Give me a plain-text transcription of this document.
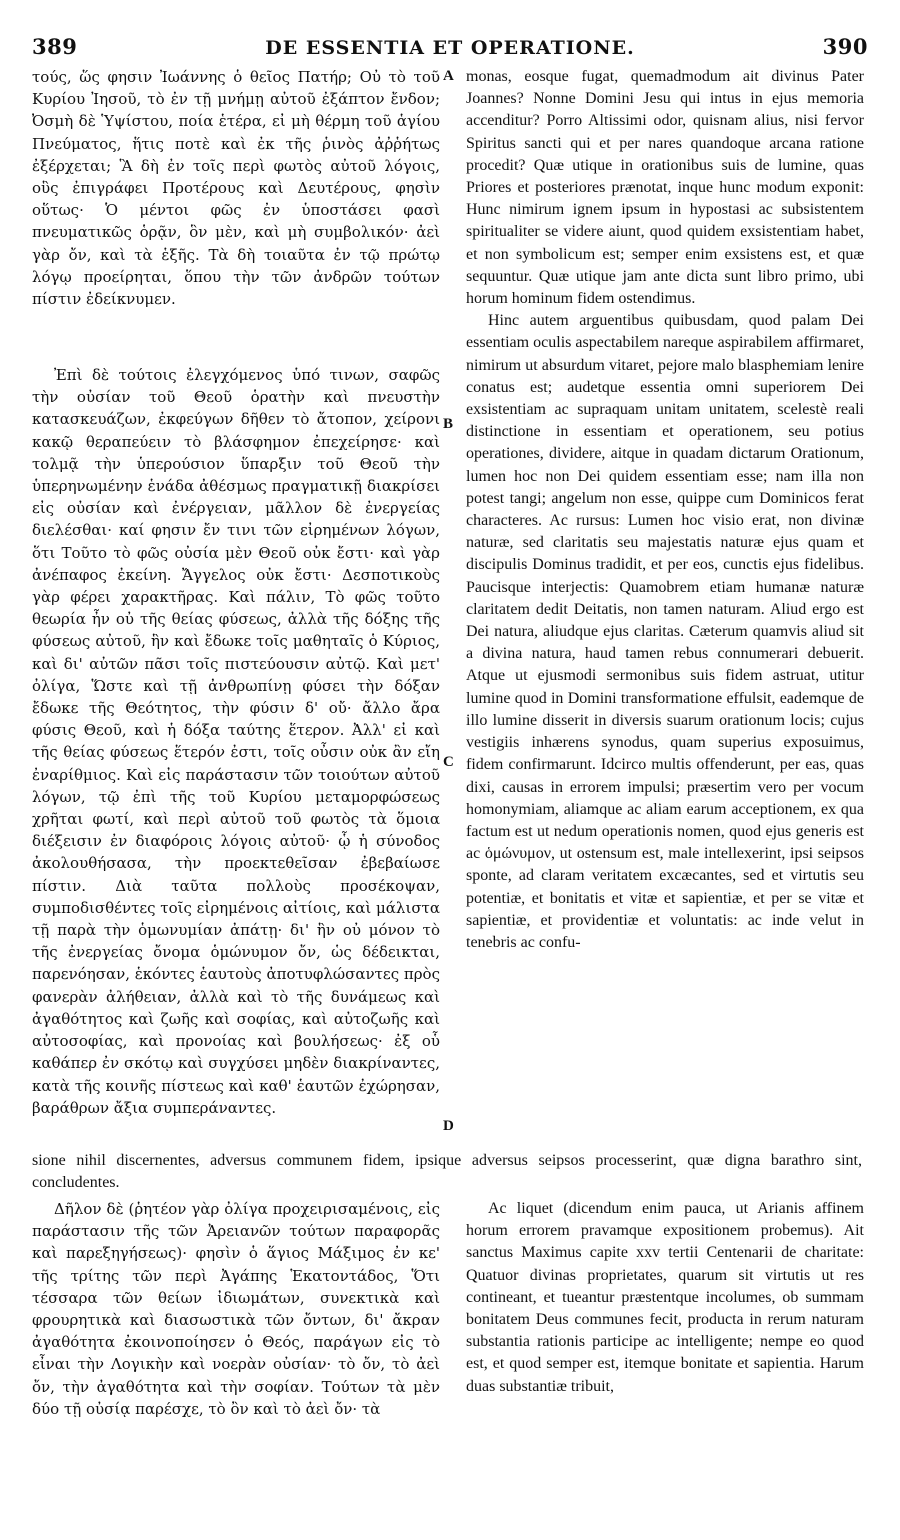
389	DE ESSENTIA ET OPERATIONE.	390

τούς, ὥς φησιν Ἰωάννης ὁ θεῖος Πατήρ; Οὐ τὸ τοῦ Κυρίου Ἰησοῦ, τὸ ἐν τῇ μνήμῃ αὐτοῦ ἐξάπτον ἔνδον; Ὀσμὴ δὲ Ὑψίστου, ποία ἑτέρα, εἰ μὴ θέρμη τοῦ ἁγίου Πνεύματος, ἥτις ποτὲ καὶ ἐκ τῆς ῥινὸς ἀῤῥήτως ἐξέρχεται; Ἃ δὴ ἐν τοῖς περὶ φωτὸς αὐτοῦ λόγοις, οὓς ἐπιγράφει Προτέρους καὶ Δευτέρους, φησὶν οὕτως· Ὁ μέντοι φῶς ἐν ὑποστάσει φασὶ πνευματικῶς ὁρᾷν, ὃν μὲν, καὶ μὴ συμβολικόν· ἀεὶ γὰρ ὄν, καὶ τὰ ἑξῆς. Τὰ δὴ τοιαῦτα ἐν τῷ πρώτῳ λόγῳ προείρηται, ὅπου τὴν τῶν ἀνδρῶν τούτων πίστιν ἐδείκνυμεν.

Ἐπὶ δὲ τούτοις ἐλεγχόμενος ὑπό τινων, σαφῶς τὴν οὐσίαν τοῦ Θεοῦ ὁρατὴν καὶ πνευστὴν κατασκευάζων, ἐκφεύγων δῆθεν τὸ ἄτοπον, χείρονι κακῷ θεραπεύειν τὸ βλάσφημον ἐπεχείρησε· καὶ τολμᾷ τὴν ὑπερούσιον ὕπαρξιν τοῦ Θεοῦ τὴν ὑπερηνωμένην ἑνάδα ἀθέσμως πραγματικῇ διακρίσει εἰς οὐσίαν καὶ ἐνέργειαν, μᾶλλον δὲ ἐνεργείας διελέσθαι· καί φησιν ἔν τινι τῶν εἰρημένων λόγων, ὅτι Τοῦτο τὸ φῶς οὐσία μὲν Θεοῦ οὐκ ἔστι· καὶ γὰρ ἀνέπαφος ἐκείνη. Ἄγγελος οὐκ ἔστι· Δεσποτικοὺς γὰρ φέρει χαρακτῆρας. Καὶ πάλιν, Τὸ φῶς τοῦτο θεωρία ἦν οὐ τῆς θείας φύσεως, ἀλλὰ τῆς δόξης τῆς φύσεως αὐτοῦ, ἣν καὶ ἔδωκε τοῖς μαθηταῖς ὁ Κύριος, καὶ δι' αὐτῶν πᾶσι τοῖς πιστεύουσιν αὐτῷ. Καὶ μετ' ὀλίγα, Ὥστε καὶ τῇ ἀνθρωπίνῃ φύσει τὴν δόξαν ἔδωκε τῆς Θεότητος, τὴν φύσιν δ' οὔ· ἄλλο ἄρα φύσις Θεοῦ, καὶ ἡ δόξα ταύτης ἕτερον. Ἀλλ' εἰ καὶ τῆς θείας φύσεως ἕτερόν ἐστι, τοῖς οὖσιν οὐκ ἂν εἴη ἐναρίθμιος. Καὶ εἰς παράστασιν τῶν τοιούτων αὐτοῦ λόγων, τῷ ἐπὶ τῆς τοῦ Κυρίου μεταμορφώσεως χρῆται φωτί, καὶ περὶ αὐτοῦ τοῦ φωτὸς τὰ ὅμοια διέξεισιν ἐν διαφόροις λόγοις αὐτοῦ· ᾧ ἡ σύνοδος ἀκολουθήσασα, τὴν προεκτεθεῖσαν ἐβεβαίωσε πίστιν. Διὰ ταῦτα πολλοὺς προσέκοψαν, συμποδισθέντες τοῖς εἰρημένοις αἰτίοις, καὶ μάλιστα τῇ παρὰ τὴν ὁμωνυμίαν ἀπάτῃ· δι' ἣν οὐ μόνον τὸ τῆς ἐνεργείας ὄνομα ὁμώνυμον ὄν, ὡς δέδεικται, παρενόησαν, ἑκόντες ἑαυτοὺς ἀποτυφλώσαντες πρὸς φανερὰν ἀλήθειαν, ἀλλὰ καὶ τὸ τῆς δυνάμεως καὶ ἀγαθότητος καὶ ζωῆς καὶ σοφίας, καὶ αὐτοζωῆς καὶ αὐτοσοφίας, καὶ προνοίας καὶ βουλήσεως· ἐξ οὗ καθάπερ ἐν σκότῳ καὶ συγχύσει μηδὲν διακρίναντες, κατὰ τῆς κοινῆς πίστεως καὶ καθ' ἑαυτῶν ἐχώρησαν, βαράθρων ἄξια συμπεράναντες.

monas, eosque fugat, quemadmodum ait divinus Pater Joannes? Nonne Domini Jesu qui intus in ejus memoria accenditur? Porro Altissimi odor, quisnam alius, nisi fervor Spiritus sancti qui et per nares quandoque arcana ratione procedit? Quæ utique in orationibus suis de lumine, quas Priores et posteriores prænotat, inque hunc modum exponit: Hunc nimirum ignem ipsum in hypostasi ac subsistentem spiritualiter se videre aiunt, quod quidem exsistentiam habet, et non symbolicum est; semper enim exsistens est, et quæ sequuntur. Quæ utique jam ante dicta sunt libro primo, ubi horum hominum fidem ostendimus.

Hinc autem arguentibus quibusdam, quod palam Dei essentiam oculis aspectabilem nareque aspirabilem affirmaret, nimirum ut absurdum vitaret, pejore malo blasphemiam lenire conatus est; audetque essentia omni superiorem Dei exsistentiam ac supraquam unitam unitatem, scelestè reali distinctione in essentiam et operationem, seu potius operationes, dividere, aitque in quadam dictarum Orationum, lumen hoc non Dei quidem essentiam esse; nam illa non potest tangi; angelum non esse, quippe cum Dominicos ferat characteres. Ac rursus: Lumen hoc visio erat, non divinæ naturæ, sed claritatis seu majestatis naturæ ejus quam et discipulis Dominus tradidit, et per eos, cunctis ejus fidelibus. Paucisque interjectis: Quamobrem etiam humanæ naturæ claritatem dedit Deitatis, non tamen naturam. Aliud ergo est Dei natura, aliudque ejus claritas. Cæterum quamvis aliud sit a divina natura, haud tamen rebus connumerari debuerit. Atque ut ejusmodi sermonibus suis fidem astruat, utitur lumine quod in Domini transformatione effulsit, eademque de illo lumine disserit in diversis suarum orationum locis; cujus vestigiis inhærens synodus, quam superius exposuimus, fidem confirmarunt. Idcirco multis offenderunt, per eas, quas dixi, causas in errorem impulsi; præsertim vero per vocum homonymiam, aliamque ac aliam earum acceptionem, ex qua factum est ut nedum operationis nomen, quod ejus generis est ac ὁμώνυμον, ut ostensum est, male intellexerint, ipsi seipsos sponte, ad claram veritatem excæcantes, sed et virtutis seu potentiæ, et bonitatis et vitæ et sapientiæ, et per se vitæ et sapientiæ, et providentiæ et voluntatis: ac inde velut in tenebris ac confu-

A
B
C
D

sione nihil discernentes, adversus communem fidem, ipsique adversus seipsos processerint, quæ digna barathro sint, concludentes.

Δῆλον δὲ (ῥητέον γὰρ ὀλίγα προχειρισαμένοις, εἰς παράστασιν τῆς τῶν Ἀρειανῶν τούτων παραφορᾶς καὶ παρεξηγήσεως)· φησὶν ὁ ἅγιος Μάξιμος ἐν κε' τῆς τρίτης τῶν περὶ Ἀγάπης Ἑκατοντάδος, Ὅτι τέσσαρα τῶν θείων ἰδιωμάτων, συνεκτικὰ καὶ φρουρητικὰ καὶ διασωστικὰ τῶν ὄντων, δι' ἄκραν ἀγαθότητα ἐκοινοποίησεν ὁ Θεός, παράγων εἰς τὸ εἶναι τὴν Λογικὴν καὶ νοερὰν οὐσίαν· τὸ ὄν, τὸ ἀεὶ ὄν, τὴν ἀγαθότητα καὶ τὴν σοφίαν. Τούτων τὰ μὲν δύο τῇ οὐσίᾳ παρέσχε, τὸ ὂν καὶ τὸ ἀεὶ ὄν· τὰ

Ac liquet (dicendum enim pauca, ut Arianis affinem horum errorem pravamque expositionem probemus). Ait sanctus Maximus capite xxv tertii Centenarii de charitate: Quatuor divinas proprietates, quarum sit virtutis ut res contineant, et tueantur præstentque incolumes, ob summam bonitatem Deus communes fecit, producta in rerum naturam substantia rationis participe ac intelligente; nempe eo quod est, et quod semper est, itemque bonitate et sapientia. Harum duas substantiæ tribuit,
